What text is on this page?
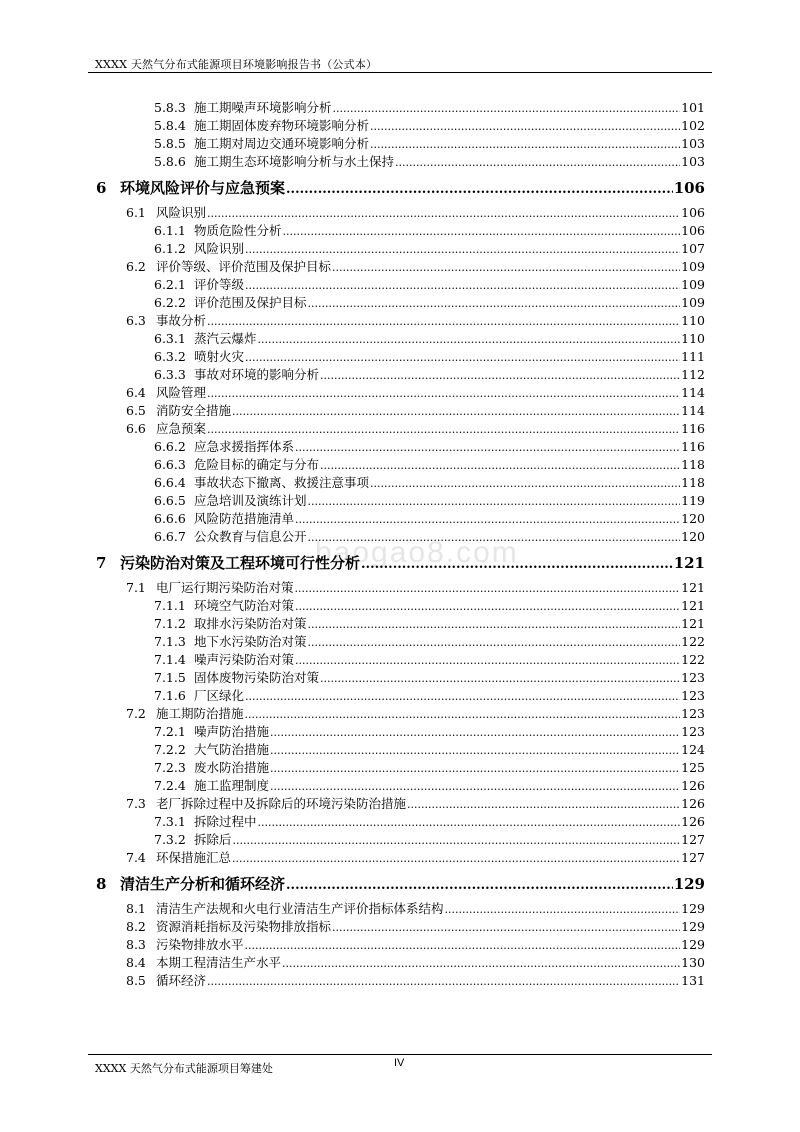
XXXX 天然气分布式能源项目环境影响报告书（公式本）
baogao8.com
5.8.3 施工期噪声环境影响分析 .....	101
5.8.4 施工期固体废弃物环境影响分析 .....	102
5.8.5 施工期对周边交通环境影响分析 .....	103
5.8.6 施工期生态环境影响分析与水土保持 .....	103
6 环境风险评价与应急预案 .....	106
6.1 风险识别 .....	106
6.1.1 物质危险性分析 .....	106
6.1.2 风险识别 .....	107
6.2 评价等级、评价范围及保护目标 .....	109
6.2.1 评价等级 .....	109
6.2.2 评价范围及保护目标 .....	109
6.3 事故分析 .....	110
6.3.1 蒸汽云爆炸 .....	110
6.3.2 喷射火灾 .....	111
6.3.3 事故对环境的影响分析 .....	112
6.4 风险管理 .....	114
6.5 消防安全措施 .....	114
6.6 应急预案 .....	116
6.6.2 应急求援指挥体系 .....	116
6.6.3 危险目标的确定与分布 .....	118
6.6.4 事故状态下撤离、救援注意事项 .....	118
6.6.5 应急培训及演练计划 .....	119
6.6.6 风险防范措施清单 .....	120
6.6.7 公众教育与信息公开 .....	120
7 污染防治对策及工程环境可行性分析 .....	121
7.1 电厂运行期污染防治对策 .....	121
7.1.1 环境空气防治对策 .....	121
7.1.2 取排水污染防治对策 .....	121
7.1.3 地下水污染防治对策 .....	122
7.1.4 噪声污染防治对策 .....	122
7.1.5 固体废物污染防治对策 .....	123
7.1.6 厂区绿化 .....	123
7.2 施工期防治措施 .....	123
7.2.1 噪声防治措施 .....	123
7.2.2 大气防治措施 .....	124
7.2.3 废水防治措施 .....	125
7.2.4 施工监理制度 .....	126
7.3 老厂拆除过程中及拆除后的环境污染防治措施 .....	126
7.3.1 拆除过程中 .....	126
7.3.2 拆除后 .....	127
7.4 环保措施汇总 .....	127
8 清洁生产分析和循环经济 .....	129
8.1 清洁生产法规和火电行业清洁生产评价指标体系结构 .....	129
8.2 资源消耗指标及污染物排放指标 .....	129
8.3 污染物排放水平 .....	129
8.4 本期工程清洁生产水平 .....	130
8.5 循环经济 .....	131
XXXX 天然气分布式能源项目筹建处	IV
